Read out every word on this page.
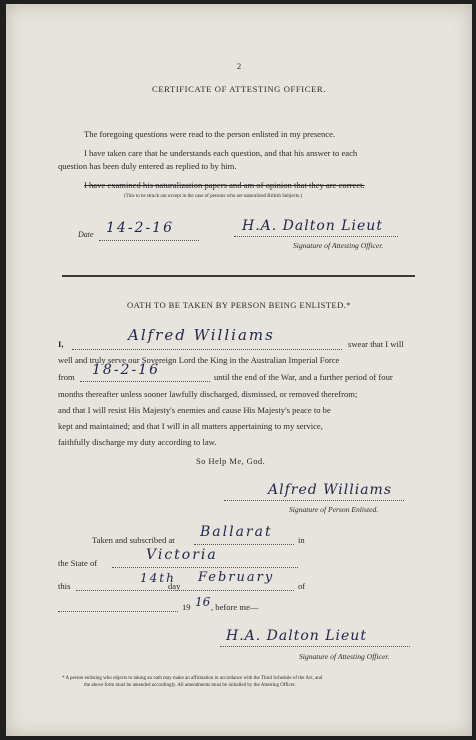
2
CERTIFICATE OF ATTESTING OFFICER.
The foregoing questions were read to the person enlisted in my presence.
I have taken care that he understands each question, and that his answer to each
question has been duly entered as replied to by him.
I have examined his naturalization papers and am of opinion that they are correct.
(This to be struck out except in the case of persons who are naturalized British Subjects.)
Date 14-2-16	H.A. Dalton Lieut
Signature of Attesting Officer.
OATH TO BE TAKEN BY PERSON BEING ENLISTED.*
I,	Alfred Williams	swear that I will
well and truly serve our Sovereign Lord the King in the Australian Imperial Force
from 18-2-16	until the end of the War, and a further period of four
months thereafter unless sooner lawfully discharged, dismissed, or removed therefrom;
and that I will resist His Majesty's enemies and cause His Majesty's peace to be
kept and maintained; and that I will in all matters appertaining to my service,
faithfully discharge my duty according to law.
So Help Me, God.
Alfred Williams
Signature of Person Enlisted.
Taken and subscribed at Ballarat	in
the State of	Victoria
this
14th
day
February
of
19 16 , before me—
H.A. Dalton Lieut
Signature of Attesting Officer.
* A person enlisting who objects to taking an oath may make an affirmation in accordance with the Third Schedule of the Act, and
the above form must be amended accordingly. All amendments must be initialled by the Attesting Officer.
